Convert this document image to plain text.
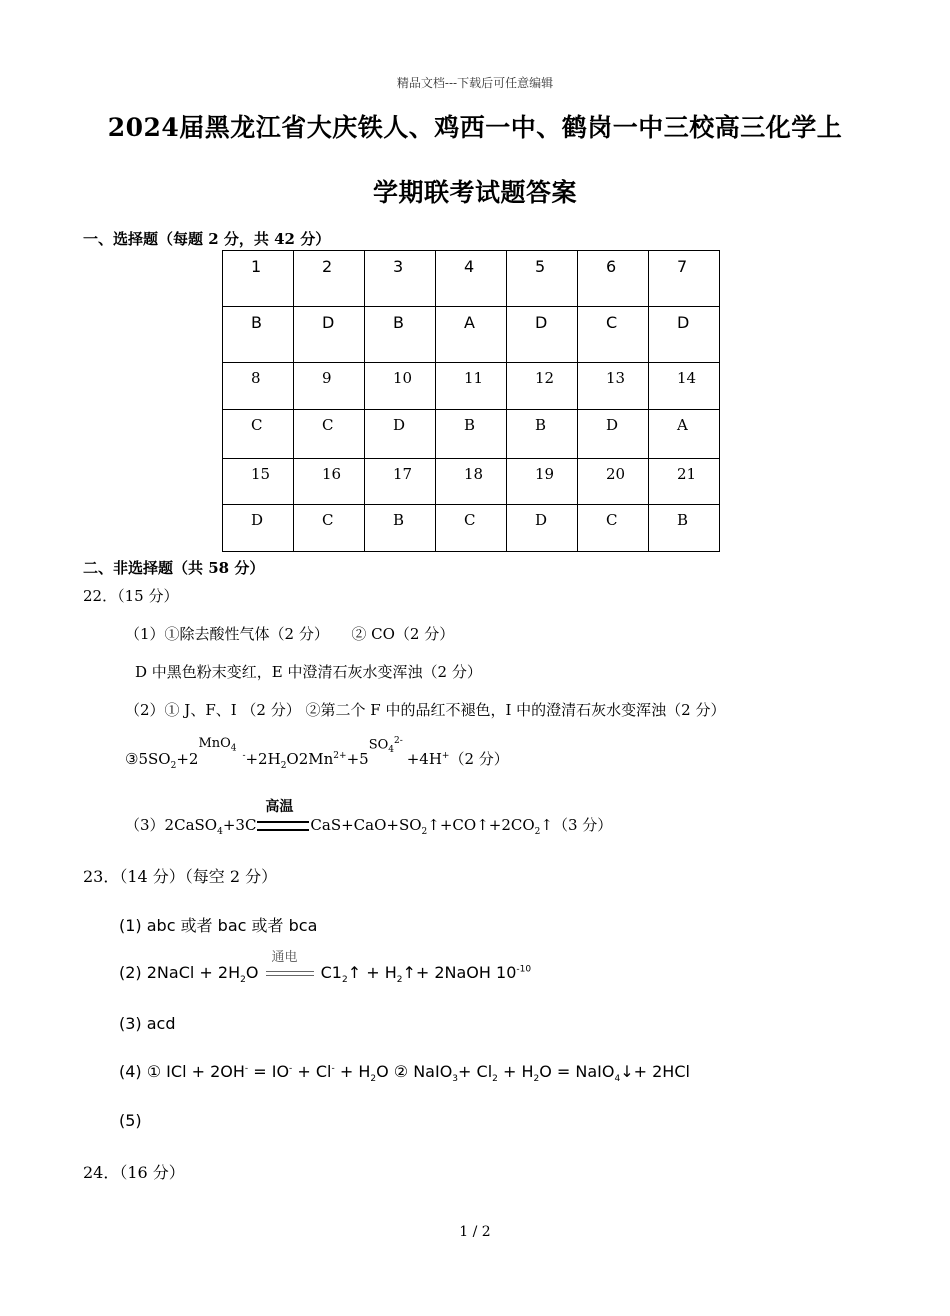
精品文档---下载后可任意编辑
2024届黑龙江省大庆铁人、鸡西一中、鹤岗一中三校高三化学上
学期联考试题答案
一、选择题（每题 2 分，共 42 分）
1	2	3	4	5	6	7
B	D	B	A	D	C	D
8	9	10	11	12	13	14
C	C	D	B	B	D	A
15	16	17	18	19	20	21
D	C	B	C	D	C	B
二、非选择题（共 58 分）
22．（15 分）
（1）①除去酸性气体（2 分）　　② CO（2 分）
D 中黑色粉末变红，E 中澄清石灰水变浑浊（2 分）
（2）① J、F、I （2 分） ②第二个 F 中的品红不褪色，I 中的澄清石灰水变浑浊（2 分）
$③5SO_2+2$
MnO$_4$
$^-+2H_2O2Mn^{2+}+5$
$SO_4^{2-}$
+4H+（2 分）
（3）2CaSO$_4$+3C
高温
$CaS+CaO+SO_2↑+CO↑+2CO_2↑(3$ 分）
23．（14 分）（每空 2 分）
(1) abc 或者 bac 或者 bca
(2) 2NaCl + $2H_2O$
通电
$C1_2↑$ + $H_2↑+$ 2NaOH $10^{-10}$
(3) acd
(4) ① ICl + $2OH^- = IO^- + Cl^- + H_2O$ ② NaIO$_3$+ $Cl_2 + H_2O$ = NaIO$_4$↓+ 2HCl
(5)
24．（16 分）
1 / 2
